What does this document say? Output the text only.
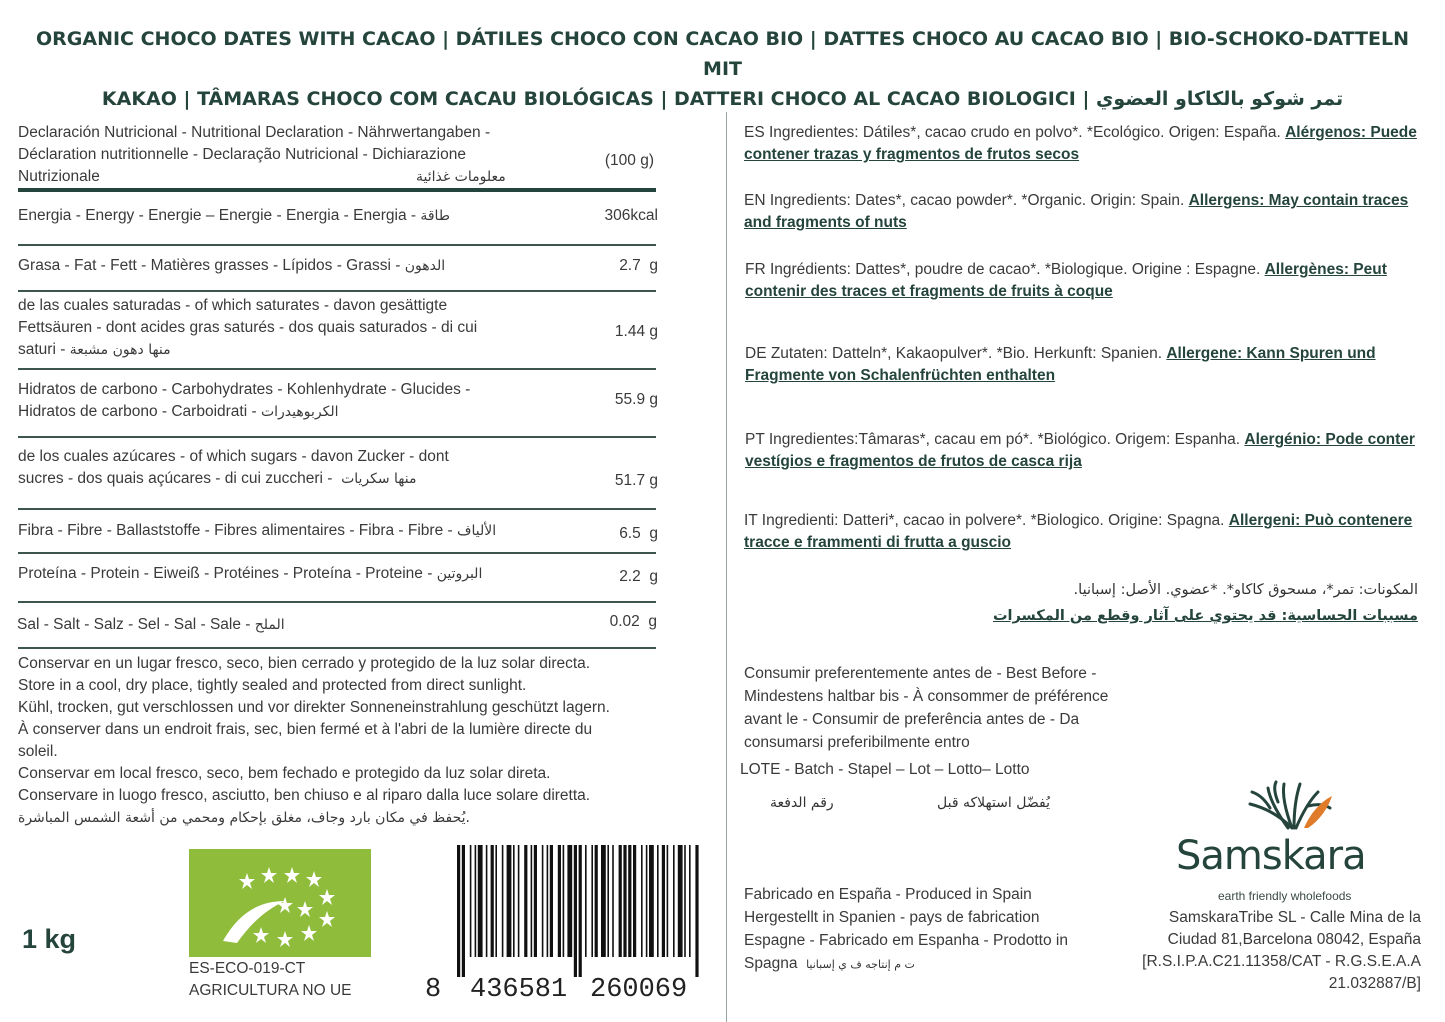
ORGANIC CHOCO DATES WITH CACAO | DÁTILES CHOCO CON CACAO BIO | DATTES CHOCO AU CACAO BIO | BIO-SCHOKO-DATTELN MIT
KAKAO | TÂMARAS CHOCO COM CACAU BIOLÓGICAS | DATTERI CHOCO AL CACAO BIOLOGICI | تمر شوكو بالكاكاو العضوي
Declaración Nutricional - Nutritional Declaration - Nährwertangaben -
Déclaration nutritionnelle - Declaração Nutricional - Dichiarazione
Nutrizionale	معلومات غذائية
(100 g)
Energia - Energy - Energie – Energie - Energia - Energia - طاقة	306kcal
Grasa - Fat - Fett - Matières grasses - Lípidos - Grassi - الدهون	2.7 g
de las cuales saturadas - of which saturates - davon gesättigte
Fettsäuren - dont acides gras saturés - dos quais saturados - di cui
saturi - منها دهون مشبعة
1.44 g
Hidratos de carbono - Carbohydrates - Kohlenhydrate - Glucides -
Hidratos de carbono - Carboidrati - الكربوهيدرات
55.9 g
de los cuales azúcares - of which sugars - davon Zucker - dont
sucres - dos quais açúcares - di cui zuccheri - منها سكريات	51.7 g
Fibra - Fibre - Ballaststoffe - Fibres alimentaires - Fibra - Fibre - الألياف	6.5 g
Proteína - Protein - Eiweiß - Protéines - Proteína - Proteine - البروتين	2.2 g
Sal - Salt - Salz - Sel - Sal - Sale - الملح	0.02 g
Conservar en un lugar fresco, seco, bien cerrado y protegido de la luz solar directa.
Store in a cool, dry place, tightly sealed and protected from direct sunlight.
Kühl, trocken, gut verschlossen und vor direkter Sonneneinstrahlung geschützt lagern.
À conserver dans un endroit frais, sec, bien fermé et à l'abri de la lumière directe du
soleil.
Conservar em local fresco, seco, bem fechado e protegido da luz solar direta.
Conservare in luogo fresco, asciutto, ben chiuso e al riparo dalla luce solare diretta.
يُحفظ في مكان بارد وجاف، مغلق بإحكام ومحمي من أشعة الشمس المباشرة.
1 kg
ES-ECO-019-CT
AGRICULTURA NO UE	8 436581 260069
ES Ingredientes: Dátiles*, cacao crudo en polvo*. *Ecológico. Origen: España. Alérgenos: Puede contener trazas y fragmentos de frutos secos
EN Ingredients: Dates*, cacao powder*. *Organic. Origin: Spain. Allergens: May contain traces and fragments of nuts
FR Ingrédients: Dattes*, poudre de cacao*. *Biologique. Origine : Espagne. Allergènes: Peut contenir des traces et fragments de fruits à coque
DE Zutaten: Datteln*, Kakaopulver*. *Bio. Herkunft: Spanien. Allergene: Kann Spuren und Fragmente von Schalenfrüchten enthalten
PT Ingredientes:Tâmaras*, cacau em pó*. *Biológico. Origem: Espanha. Alergénio: Pode conter vestígios e fragmentos de frutos de casca rija
IT Ingredienti: Datteri*, cacao in polvere*. *Biologico. Origine: Spagna. Allergeni: Può contenere tracce e frammenti di frutta a guscio
المكونات: تمر*، مسحوق كاكاو*. *عضوي. الأصل: إسبانيا.
مسببات الحساسية: قد يحتوي على آثار وقطع من المكسرات
Consumir preferentemente antes de - Best Before - Mindestens haltbar bis - À consommer de préférence avant le - Consumir de preferência antes de - Da consumarsi preferibilmente entro
LOTE - Batch - Stapel – Lot – Lotto– Lotto
رقم الدفعة	يُفضّل استهلاكه قبل
Fabricado en España - Produced in Spain Hergestellt in Spanien - pays de fabrication Espagne - Fabricado em Espanha - Prodotto in Spagna ت م إنتاجه ف ي إسبانيا
Samskara
earth friendly wholefoods
SamskaraTribe SL - Calle Mina de la
Ciudad 81,Barcelona 08042, España
[R.S.I.P.A.C21.11358/CAT - R.G.S.E.A.A
21.032887/B]
